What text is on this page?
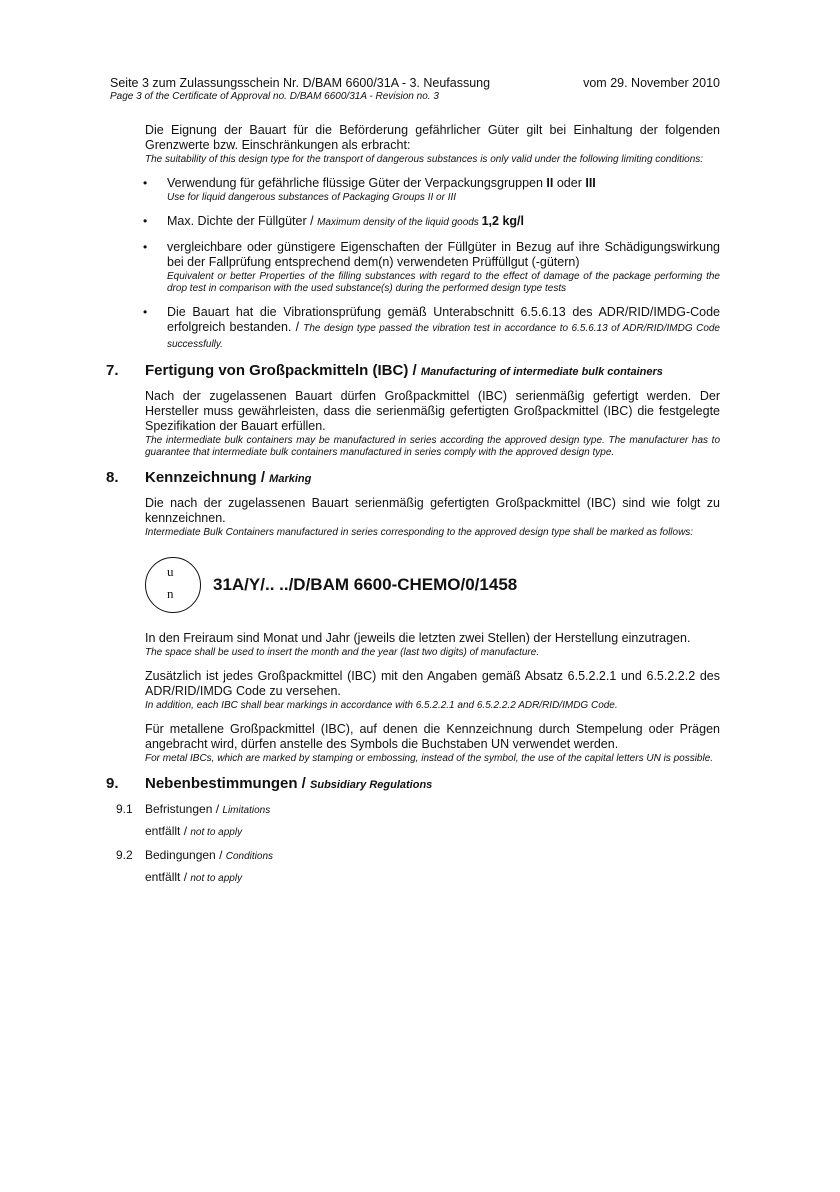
Seite 3 zum Zulassungsschein Nr. D/BAM 6600/31A - 3. Neufassung	vom 29. November 2010
Page 3 of the Certificate of Approval no. D/BAM 6600/31A - Revision no. 3
Die Eignung der Bauart für die Beförderung gefährlicher Güter gilt bei Einhaltung der folgenden Grenzwerte bzw. Einschränkungen als erbracht:
The suitability of this design type for the transport of dangerous substances is only valid under the following limiting conditions:
• Verwendung für gefährliche flüssige Güter der Verpackungsgruppen II oder III
Use for liquid dangerous substances of Packaging Groups II or III
• Max. Dichte der Füllgüter / Maximum density of the liquid goods 1,2 kg/l
• vergleichbare oder günstigere Eigenschaften der Füllgüter in Bezug auf ihre Schädigungswirkung bei der Fallprüfung entsprechend dem(n) verwendeten Prüffüllgut (-gütern)
Equivalent or better Properties of the filling substances with regard to the effect of damage of the package performing the drop test in comparison with the used substance(s) during the performed design type tests
• Die Bauart hat die Vibrationsprüfung gemäß Unterabschnitt 6.5.6.13 des ADR/RID/IMDG-Code erfolgreich bestanden. / The design type passed the vibration test in accordance to 6.5.6.13 of ADR/RID/IMDG Code successfully.
7. Fertigung von Großpackmitteln (IBC) / Manufacturing of intermediate bulk containers
Nach der zugelassenen Bauart dürfen Großpackmittel (IBC) serienmäßig gefertigt werden. Der Hersteller muss gewährleisten, dass die serienmäßig gefertigten Großpackmittel (IBC) die festgelegte Spezifikation der Bauart erfüllen.
The intermediate bulk containers may be manufactured in series according the approved design type. The manufacturer has to guarantee that intermediate bulk containers manufactured in series comply with the approved design type.
8. Kennzeichnung / Marking
Die nach der zugelassenen Bauart serienmäßig gefertigten Großpackmittel (IBC) sind wie folgt zu kennzeichnen.
Intermediate Bulk Containers manufactured in series corresponding to the approved design type shall be marked as follows:
u
n 31A/Y/.. ../D/BAM 6600-CHEMO/0/1458
In den Freiraum sind Monat und Jahr (jeweils die letzten zwei Stellen) der Herstellung einzutragen.
The space shall be used to insert the month and the year (last two digits) of manufacture.
Zusätzlich ist jedes Großpackmittel (IBC) mit den Angaben gemäß Absatz 6.5.2.2.1 und 6.5.2.2.2 des ADR/RID/IMDG Code zu versehen.
In addition, each IBC shall bear markings in accordance with 6.5.2.2.1 and 6.5.2.2.2 ADR/RID/IMDG Code.
Für metallene Großpackmittel (IBC), auf denen die Kennzeichnung durch Stempelung oder Prägen angebracht wird, dürfen anstelle des Symbols die Buchstaben UN verwendet werden.
For metal IBCs, which are marked by stamping or embossing, instead of the symbol, the use of the capital letters UN is possible.
9. Nebenbestimmungen / Subsidiary Regulations
9.1 Befristungen / Limitations
entfällt / not to apply
9.2 Bedingungen / Conditions
entfällt / not to apply
